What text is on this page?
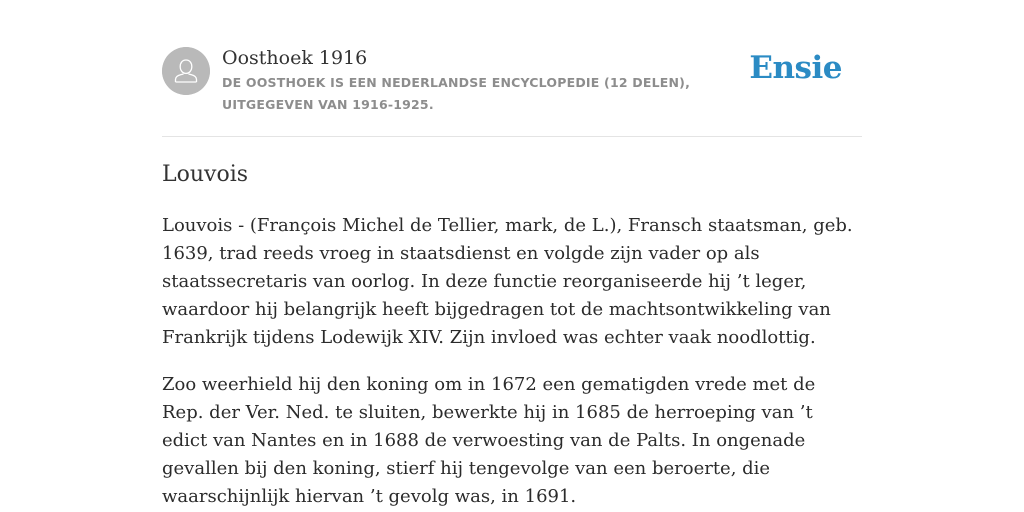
Oosthoek 1916
DE OOSTHOEK IS EEN NEDERLANDSE ENCYCLOPEDIE (12 DELEN), UITGEGEVEN VAN 1916-1925.
Ensie
Louvois

Louvois - (François Michel de Tellier, mark, de L.), Fransch staatsman, geb. 1639, trad reeds vroeg in staatsdienst en volgde zijn vader op als staatssecretaris van oorlog. In deze functie reorganiseerde hij ’t leger, waardoor hij belangrijk heeft bijgedragen tot de machtsontwikkeling van Frankrijk tijdens Lodewijk XIV. Zijn invloed was echter vaak noodlottig.

Zoo weerhield hij den koning om in 1672 een gematigden vrede met de Rep. der Ver. Ned. te sluiten, bewerkte hij in 1685 de herroeping van ’t edict van Nantes en in 1688 de verwoesting van de Palts. In ongenade gevallen bij den koning, stierf hij tengevolge van een beroerte, die waarschijnlijk hiervan ’t gevolg was, in 1691.
